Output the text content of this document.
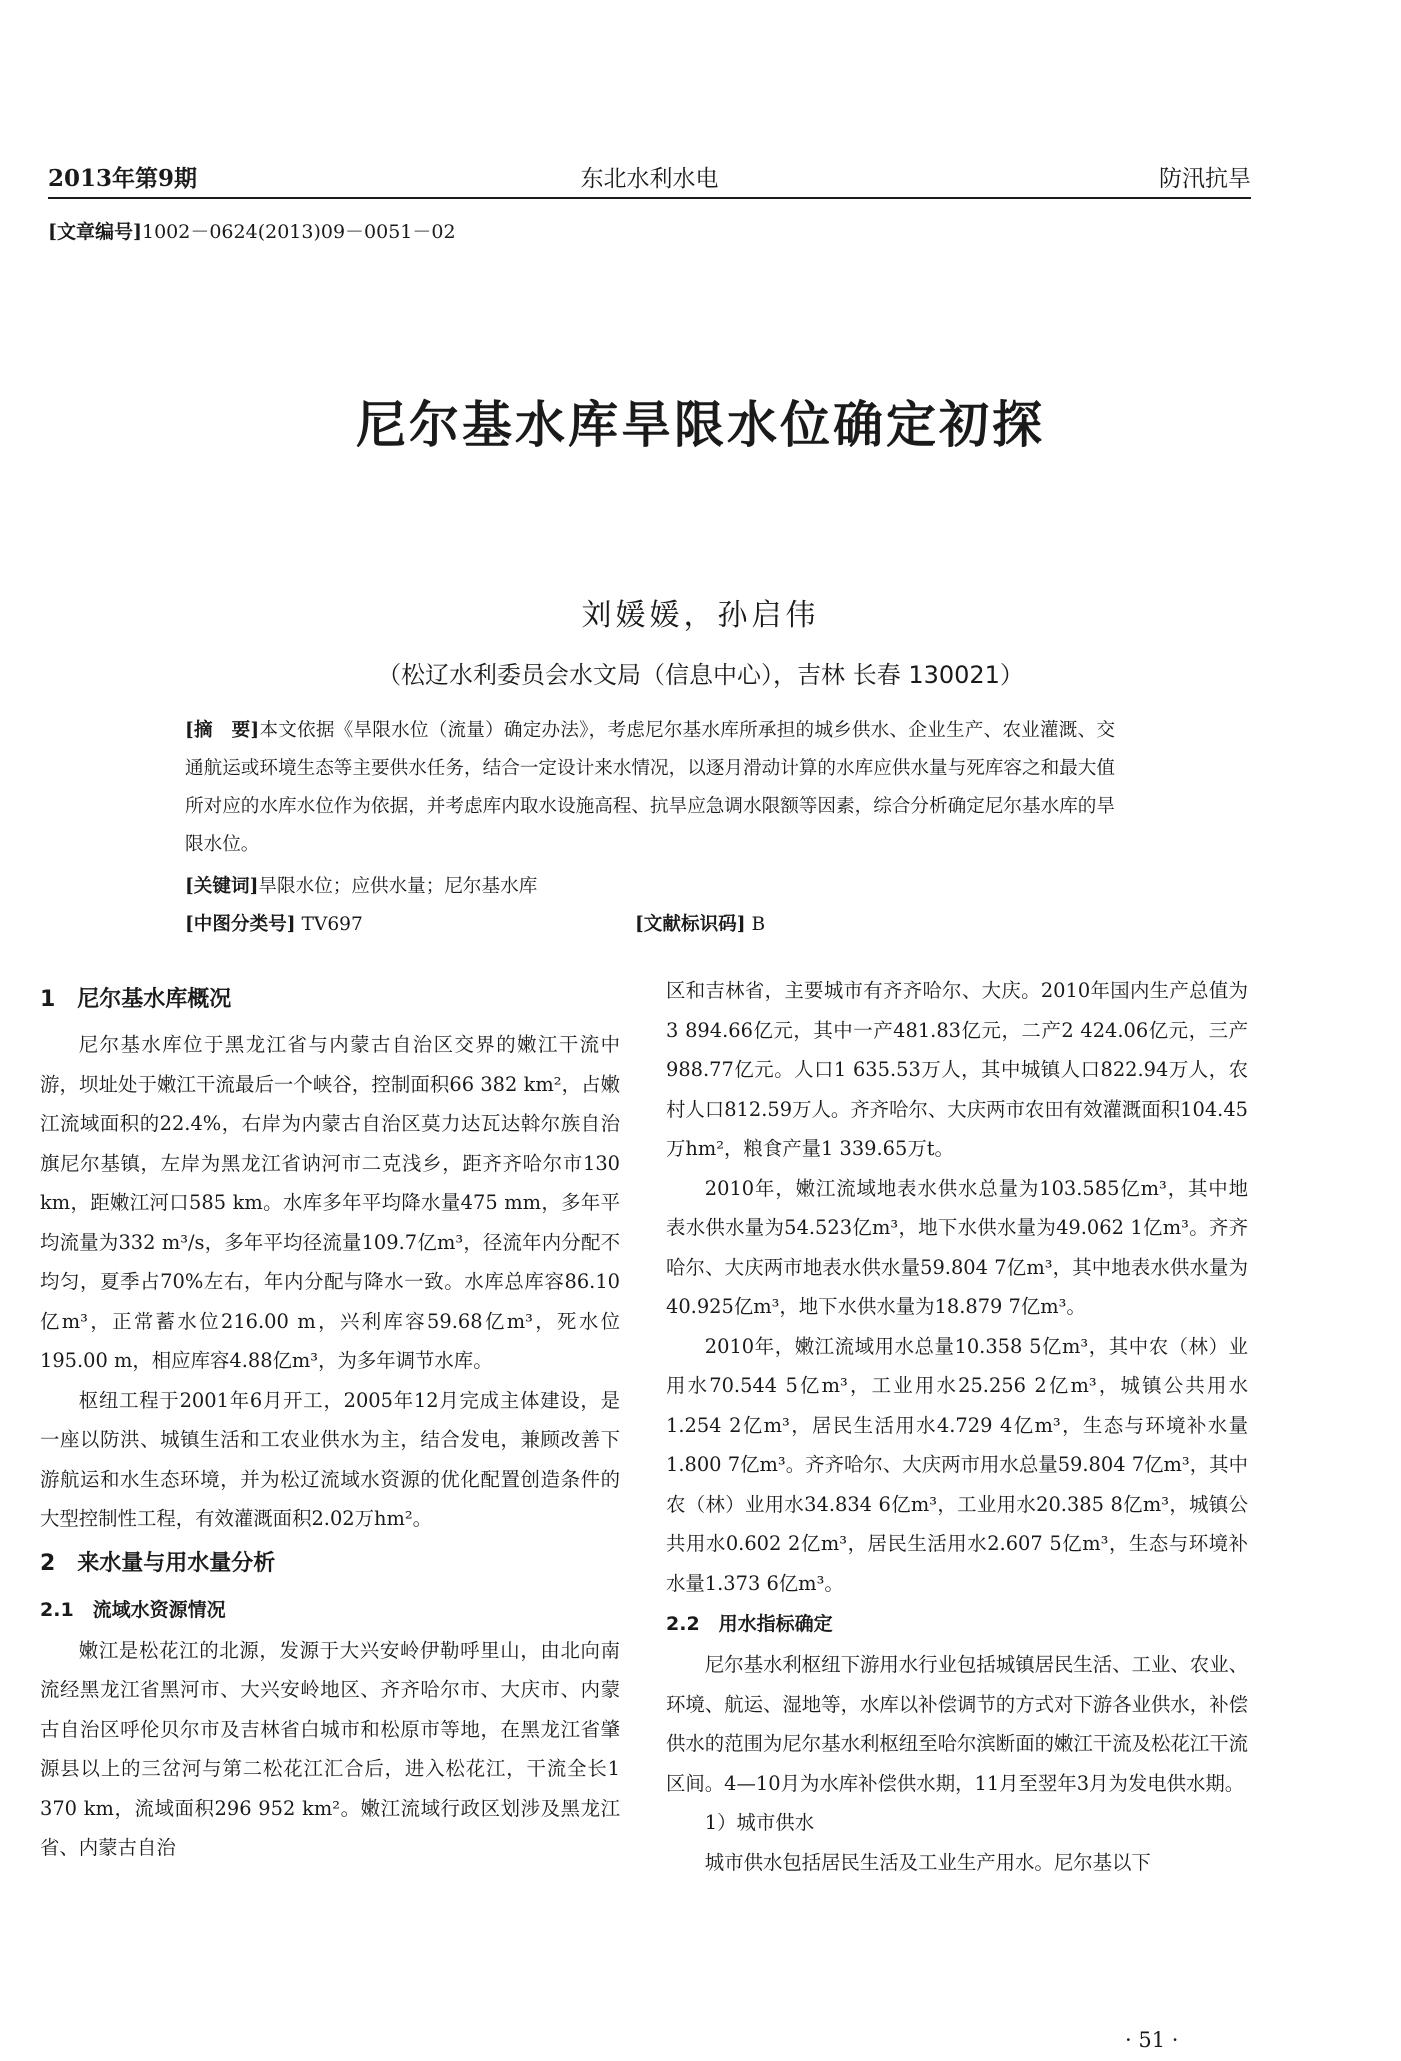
2013年第9期	东北水利水电	防汛抗旱
[文章编号]1002－0624(2013)09－0051－02
尼尔基水库旱限水位确定初探
刘媛媛，孙启伟
（松辽水利委员会水文局（信息中心），吉林 长春 130021）
[摘　要]本文依据《旱限水位（流量）确定办法》，考虑尼尔基水库所承担的城乡供水、企业生产、农业灌溉、交通航运或环境生态等主要供水任务，结合一定设计来水情况，以逐月滑动计算的水库应供水量与死库容之和最大值所对应的水库水位作为依据，并考虑库内取水设施高程、抗旱应急调水限额等因素，综合分析确定尼尔基水库的旱限水位。
[关键词]旱限水位；应供水量；尼尔基水库
[中图分类号] TV697	[文献标识码] B
1　尼尔基水库概况

尼尔基水库位于黑龙江省与内蒙古自治区交界的嫩江干流中游，坝址处于嫩江干流最后一个峡谷，控制面积66 382 km²，占嫩江流域面积的22.4%，右岸为内蒙古自治区莫力达瓦达斡尔族自治旗尼尔基镇，左岸为黑龙江省讷河市二克浅乡，距齐齐哈尔市130 km，距嫩江河口585 km。水库多年平均降水量475 mm，多年平均流量为332 m³/s，多年平均径流量109.7亿m³，径流年内分配不均匀，夏季占70%左右，年内分配与降水一致。水库总库容86.10亿m³，正常蓄水位216.00 m，兴利库容59.68亿m³，死水位195.00 m，相应库容4.88亿m³，为多年调节水库。

枢纽工程于2001年6月开工，2005年12月完成主体建设，是一座以防洪、城镇生活和工农业供水为主，结合发电，兼顾改善下游航运和水生态环境，并为松辽流域水资源的优化配置创造条件的大型控制性工程，有效灌溉面积2.02万hm²。

2　来水量与用水量分析
2.1　流域水资源情况

嫩江是松花江的北源，发源于大兴安岭伊勒呼里山，由北向南流经黑龙江省黑河市、大兴安岭地区、齐齐哈尔市、大庆市、内蒙古自治区呼伦贝尔市及吉林省白城市和松原市等地，在黑龙江省肇源县以上的三岔河与第二松花江汇合后，进入松花江，干流全长1 370 km，流域面积296 952 km²。嫩江流域行政区划涉及黑龙江省、内蒙古自治

区和吉林省，主要城市有齐齐哈尔、大庆。2010年国内生产总值为3 894.66亿元，其中一产481.83亿元，二产2 424.06亿元，三产988.77亿元。人口1 635.53万人，其中城镇人口822.94万人，农村人口812.59万人。齐齐哈尔、大庆两市农田有效灌溉面积104.45万hm²，粮食产量1 339.65万t。

2010年，嫩江流域地表水供水总量为103.585亿m³，其中地表水供水量为54.523亿m³，地下水供水量为49.062 1亿m³。齐齐哈尔、大庆两市地表水供水量59.804 7亿m³，其中地表水供水量为40.925亿m³，地下水供水量为18.879 7亿m³。

2010年，嫩江流域用水总量10.358 5亿m³，其中农（林）业用水70.544 5亿m³，工业用水25.256 2亿m³，城镇公共用水1.254 2亿m³，居民生活用水4.729 4亿m³，生态与环境补水量1.800 7亿m³。齐齐哈尔、大庆两市用水总量59.804 7亿m³，其中农（林）业用水34.834 6亿m³，工业用水20.385 8亿m³，城镇公共用水0.602 2亿m³，居民生活用水2.607 5亿m³，生态与环境补水量1.373 6亿m³。

2.2　用水指标确定

尼尔基水利枢纽下游用水行业包括城镇居民生活、工业、农业、环境、航运、湿地等，水库以补偿调节的方式对下游各业供水，补偿供水的范围为尼尔基水利枢纽至哈尔滨断面的嫩江干流及松花江干流区间。4—10月为水库补偿供水期，11月至翌年3月为发电供水期。

1）城市供水

城市供水包括居民生活及工业生产用水。尼尔基以下

· 51 ·
